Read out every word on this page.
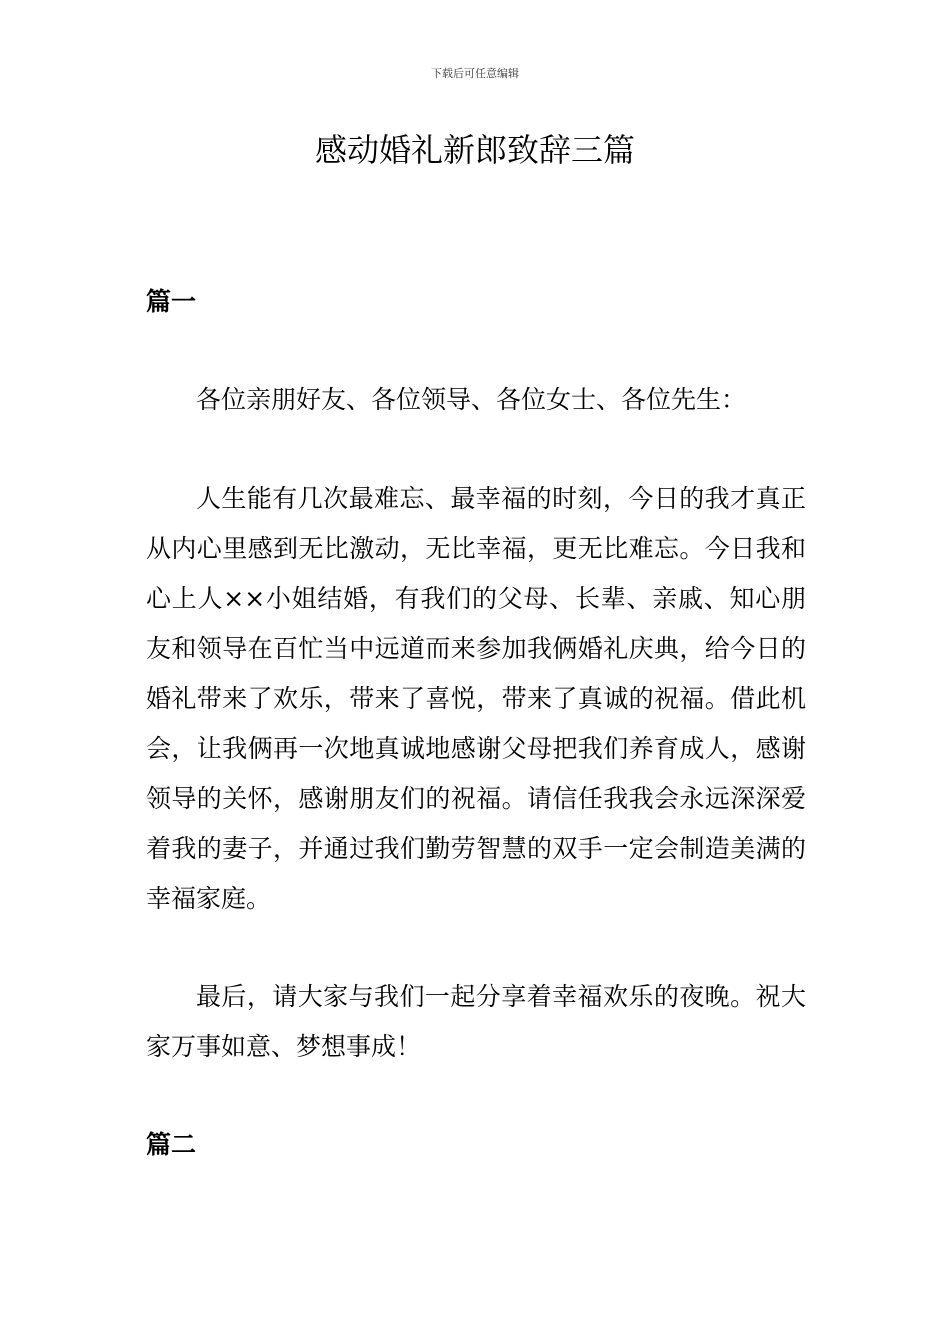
下载后可任意编辑
感动婚礼新郎致辞三篇
篇一

各位亲朋好友、各位领导、各位女士、各位先生：

人生能有几次最难忘、最幸福的时刻，今日的我才真正从内心里感到无比激动，无比幸福，更无比难忘。今日我和心上人××小姐结婚，有我们的父母、长辈、亲戚、知心朋友和领导在百忙当中远道而来参加我俩婚礼庆典，给今日的婚礼带来了欢乐，带来了喜悦，带来了真诚的祝福。借此机会，让我俩再一次地真诚地感谢父母把我们养育成人，感谢领导的关怀，感谢朋友们的祝福。请信任我我会永远深深爱着我的妻子，并通过我们勤劳智慧的双手一定会制造美满的幸福家庭。

最后，请大家与我们一起分享着幸福欢乐的夜晚。祝大家万事如意、梦想事成！

篇二
